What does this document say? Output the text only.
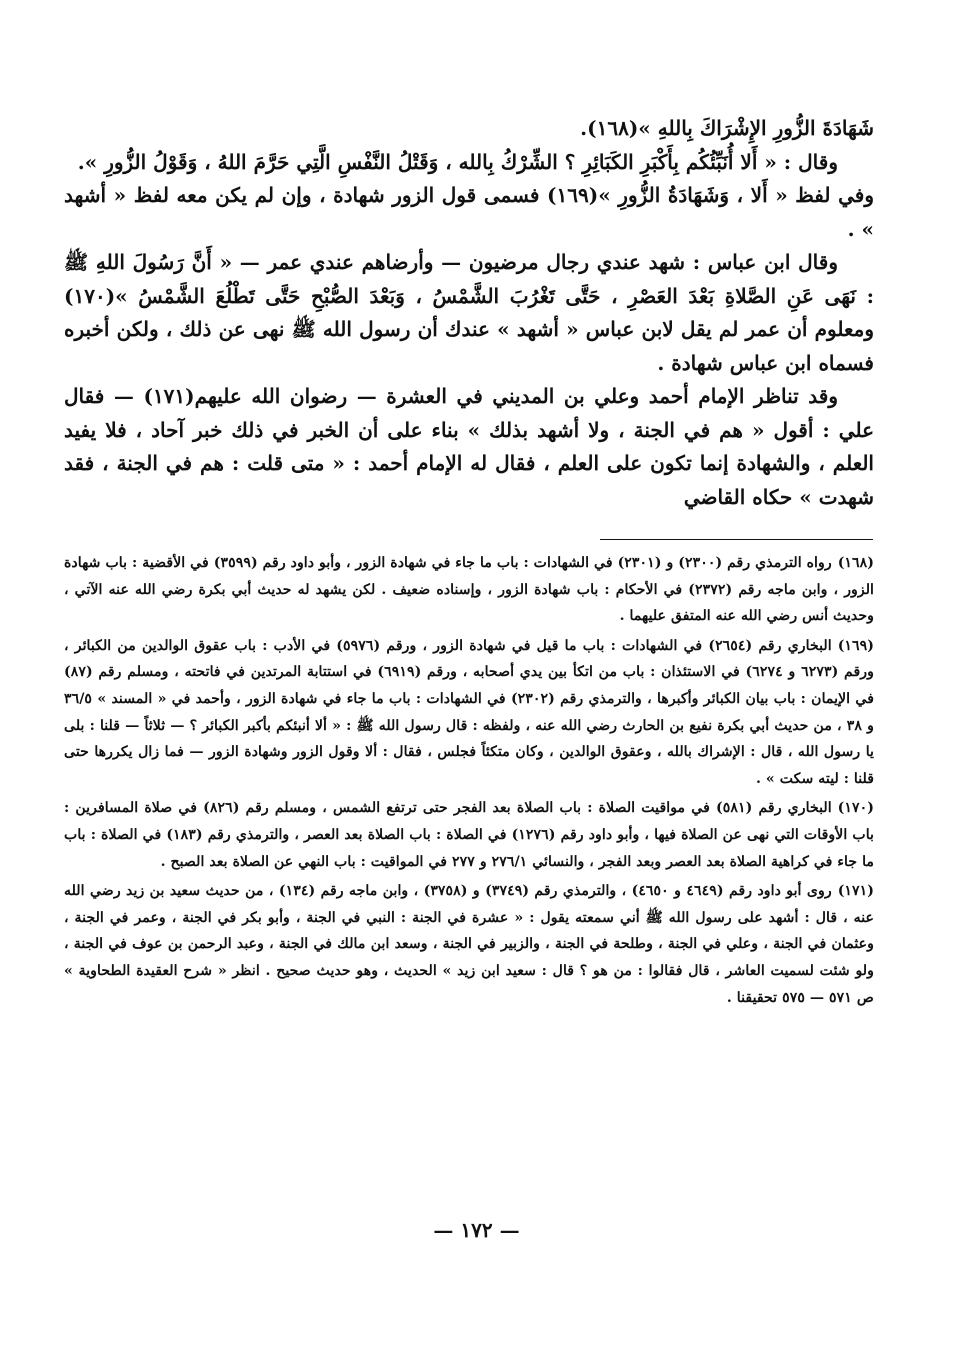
شَهَادَةَ الزُّورِ الإِشْرَاكَ بِاللهِ »(١٦٨).

وقال : « أَلا أُنَبِّئُكُم بِأَكْبَرِ الكَبَائِرِ ؟ الشِّرْكُ بِالله ، وَقَتْلُ النَّفْسِ الَّتِي حَرَّمَ اللهُ ، وَقَوْلُ الزُّورِ ».

وفي لفظ « أَلا ، وَشَهَادَةُ الزُّورِ »(١٦٩) فسمى قول الزور شهادة ، وإن لم يكن معه لفظ « أشهد » .

وقال ابن عباس : شهد عندي رجال مرضيون — وأرضاهم عندي عمر — « أَنَّ رَسُولَ اللهِ ﷺ : نَهَى عَنِ الصَّلاةِ بَعْدَ العَصْرِ ، حَتَّى تَغْرُبَ الشَّمْسُ ، وَبَعْدَ الصُّبْحِ حَتَّى تَطْلُعَ الشَّمْسُ »(١٧٠) ومعلوم أن عمر لم يقل لابن عباس « أشهد » عندك أن رسول الله ﷺ نهى عن ذلك ، ولكن أخبره فسماه ابن عباس شهادة .

وقد تناظر الإمام أحمد وعلي بن المديني في العشرة — رضوان الله عليهم(١٧١) — فقال علي : أقول « هم في الجنة ، ولا أشهد بذلك » بناء على أن الخبر في ذلك خبر آحاد ، فلا يفيد العلم ، والشهادة إنما تكون على العلم ، فقال له الإمام أحمد : « متى قلت : هم في الجنة ، فقد شهدت » حكاه القاضي

(١٦٨)رواه الترمذي رقم (٢٣٠٠) و (٢٣٠١) في الشهادات : باب ما جاء في شهادة الزور ، وأبو داود رقم (٣٥٩٩) في الأقضية : باب شهادة الزور ، وابن ماجه رقم (٢٣٧٢) في الأحكام : باب شهادة الزور ، وإسناده ضعيف . لكن يشهد له حديث أبي بكرة رضي الله عنه الآتي ، وحديث أنس رضي الله عنه المتفق عليهما .

(١٦٩)البخاري رقم (٢٦٥٤) في الشهادات : باب ما قيل في شهادة الزور ، ورقم (٥٩٧٦) في الأدب : باب عقوق الوالدين من الكبائر ، ورقم (٦٢٧٣ و ٦٢٧٤) في الاستئذان : باب من اتكأ بين يدي أصحابه ، ورقم (٦٩١٩) في استتابة المرتدين في فاتحته ، ومسلم رقم (٨٧) في الإيمان : باب بيان الكبائر وأكبرها ، والترمذي رقم (٢٣٠٢) في الشهادات : باب ما جاء في شهادة الزور ، وأحمد في « المسند » ٣٦/٥ و ٣٨ ، من حديث أبي بكرة نفيع بن الحارث رضي الله عنه ، ولفظه : قال رسول الله ﷺ : « ألا أنبئكم بأكبر الكبائر ؟ — ثلاثاً — قلنا : بلى يا رسول الله ، قال : الإشراك بالله ، وعقوق الوالدين ، وكان متكئاً فجلس ، فقال : ألا وقول الزور وشهادة الزور — فما زال يكررها حتى قلنا : ليته سكت » .

(١٧٠)البخاري رقم (٥٨١) في مواقيت الصلاة : باب الصلاة بعد الفجر حتى ترتفع الشمس ، ومسلم رقم (٨٢٦) في صلاة المسافرين : باب الأوقات التي نهى عن الصلاة فيها ، وأبو داود رقم (١٢٧٦) في الصلاة : باب الصلاة بعد العصر ، والترمذي رقم (١٨٣) في الصلاة : باب ما جاء في كراهية الصلاة بعد العصر وبعد الفجر ، والنسائي ٢٧٦/١ و ٢٧٧ في المواقيت : باب النهي عن الصلاة بعد الصبح .

(١٧١)روى أبو داود رقم (٤٦٤٩ و ٤٦٥٠) ، والترمذي رقم (٣٧٤٩) و (٣٧٥٨) ، وابن ماجه رقم (١٣٤) ، من حديث سعيد بن زيد رضي الله عنه ، قال : أشهد على رسول الله ﷺ أني سمعته يقول : « عشرة في الجنة : النبي في الجنة ، وأبو بكر في الجنة ، وعمر في الجنة ، وعثمان في الجنة ، وعلي في الجنة ، وطلحة في الجنة ، والزبير في الجنة ، وسعد ابن مالك في الجنة ، وعبد الرحمن بن عوف في الجنة ، ولو شئت لسميت العاشر ، قال فقالوا : من هو ؟ قال : سعيد ابن زيد » الحديث ، وهو حديث صحيح . انظر « شرح العقيدة الطحاوية » ص ٥٧١ — ٥٧٥ تحقيقنا .

— ١٧٢ —
